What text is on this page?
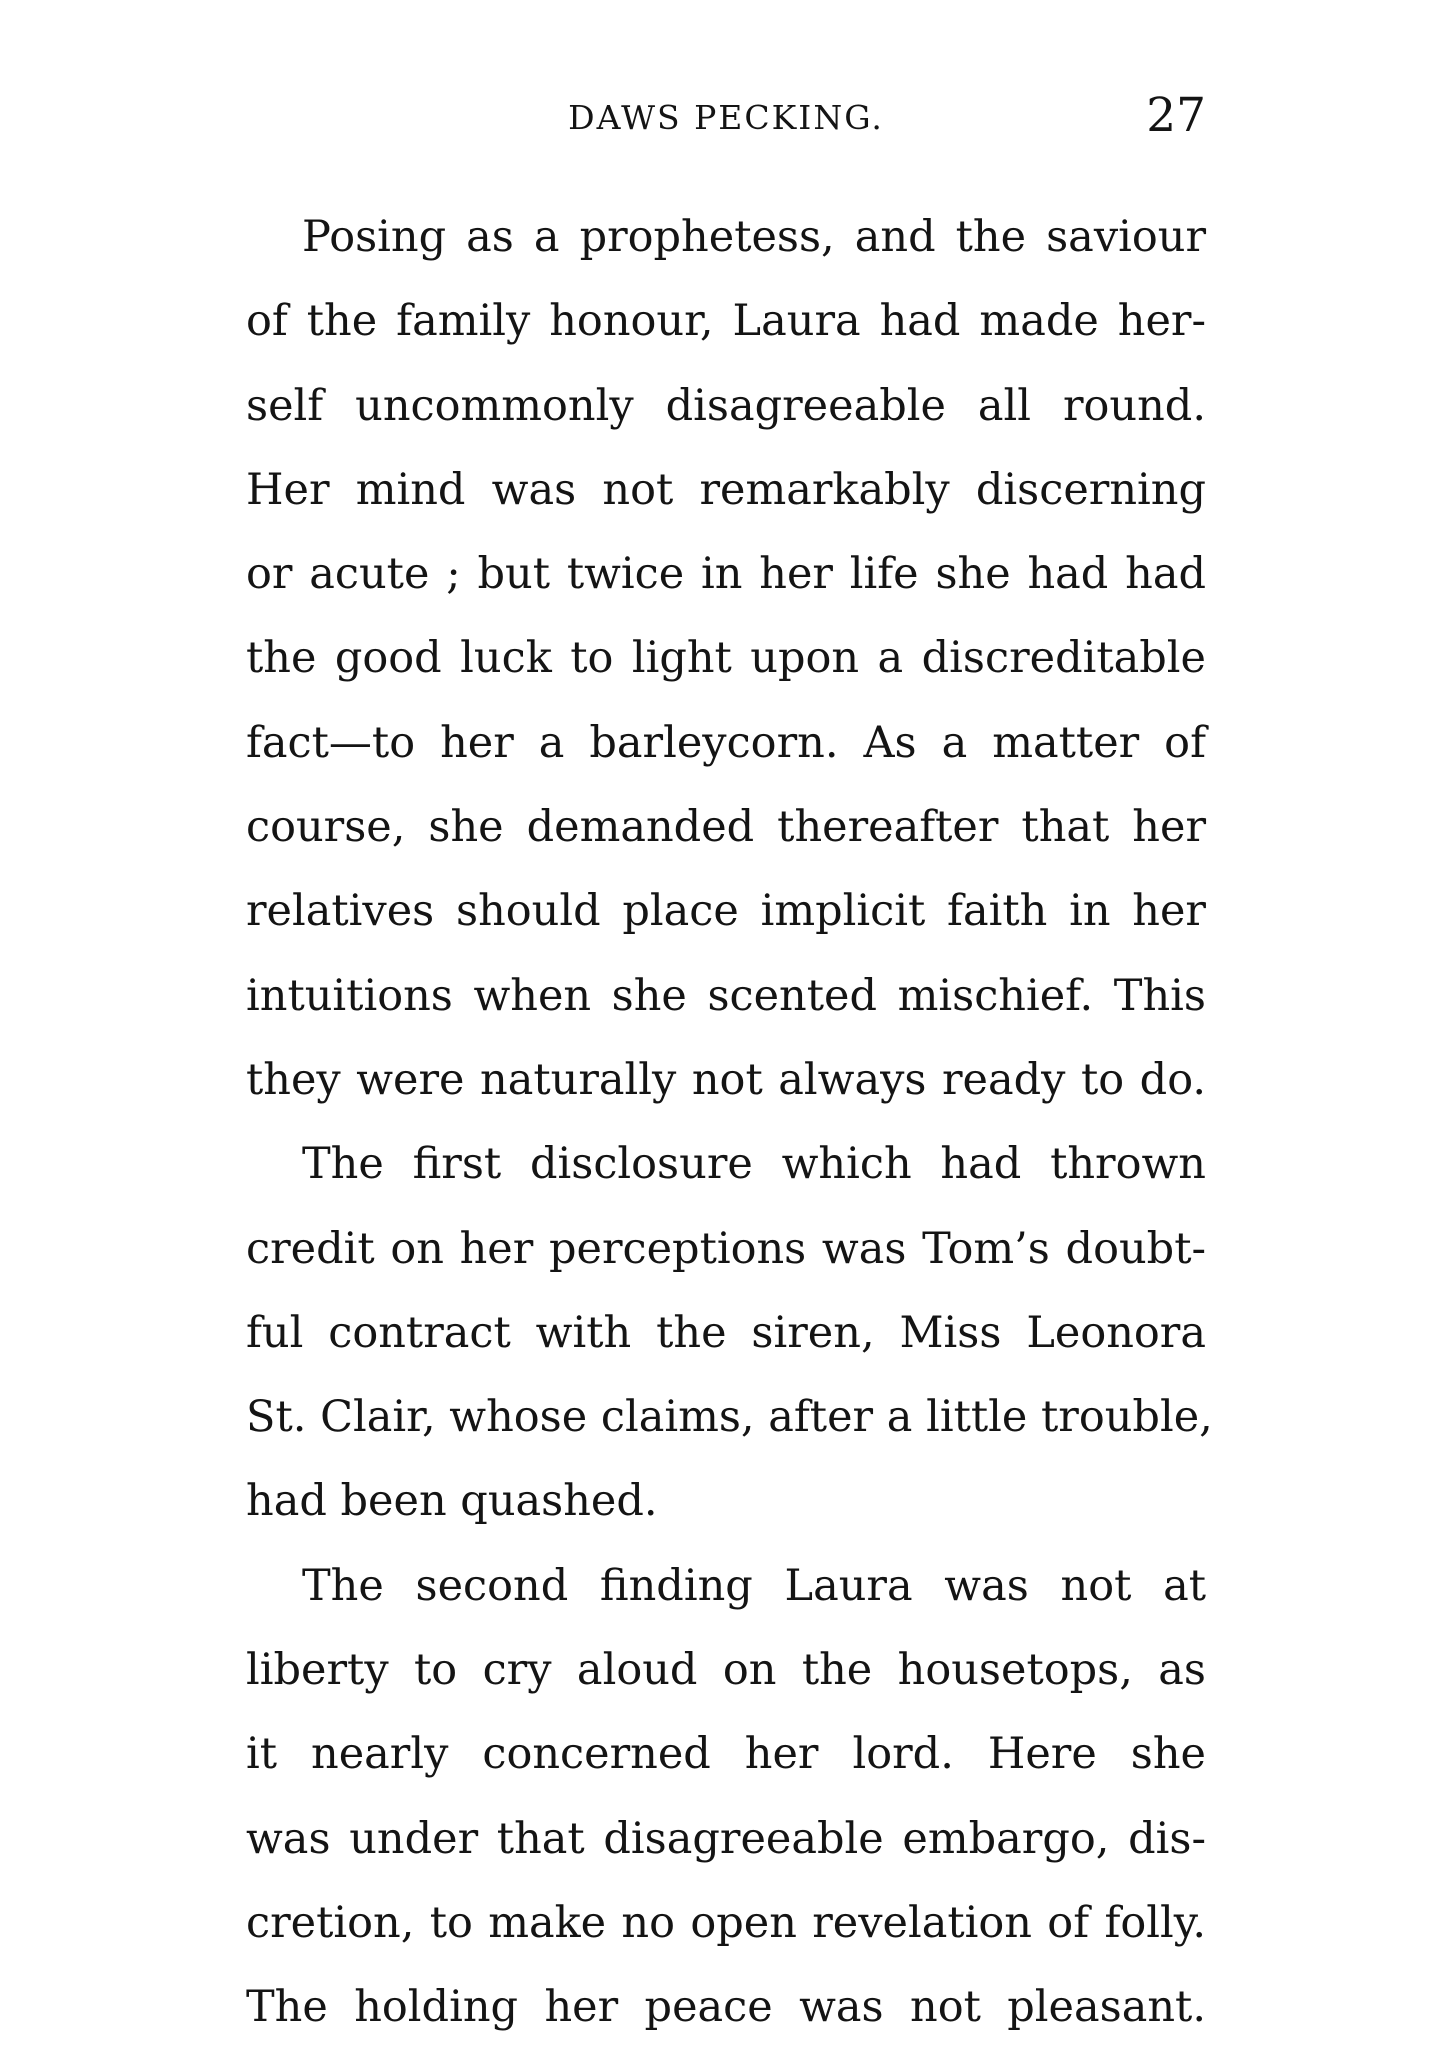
DAWS PECKING.	27

Posing as a prophetess, and the saviour
of the family honour, Laura had made her-
self uncommonly disagreeable all round.
Her mind was not remarkably discerning
or acute ; but twice in her life she had had
the good luck to light upon a discreditable
fact—to her a barleycorn. As a matter of
course, she demanded thereafter that her
relatives should place implicit faith in her
intuitions when she scented mischief. This
they were naturally not always ready to do.

The first disclosure which had thrown
credit on her perceptions was Tom’s doubt-
ful contract with the siren, Miss Leonora
St. Clair, whose claims, after a little trouble,
had been quashed.

The second finding Laura was not at
liberty to cry aloud on the housetops, as
it nearly concerned her lord. Here she
was under that disagreeable embargo, dis-
cretion, to make no open revelation of folly.
The holding her peace was not pleasant.
